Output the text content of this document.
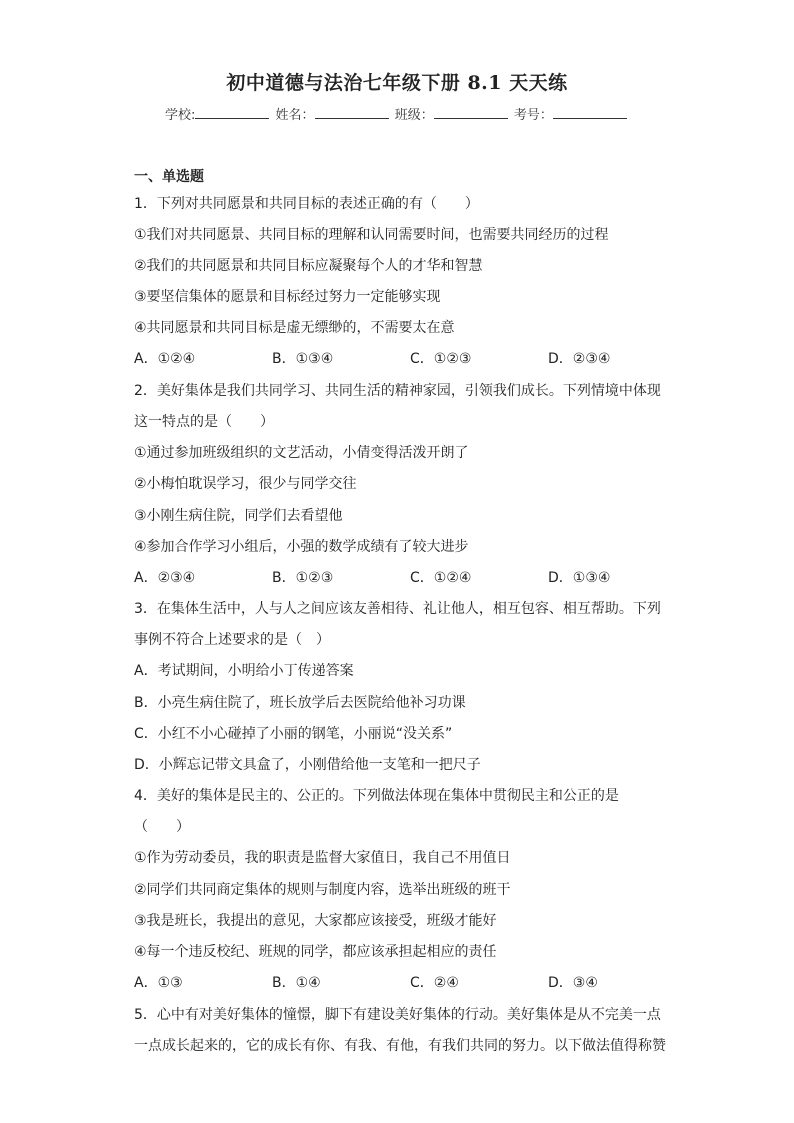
初中道德与法治七年级下册 8.1 天天练
学校:	姓名：	班级：	考号：
一、单选题
1．下列对共同愿景和共同目标的表述正确的有（　　）
①我们对共同愿景、共同目标的理解和认同需要时间，也需要共同经历的过程
②我们的共同愿景和共同目标应凝聚每个人的才华和智慧
③要坚信集体的愿景和目标经过努力一定能够实现
④共同愿景和共同目标是虚无缥缈的，不需要太在意
A．①②④	B．①③④	C．①②③	D．②③④
2．美好集体是我们共同学习、共同生活的精神家园，引领我们成长。下列情境中体现
这一特点的是（　　）
①通过参加班级组织的文艺活动，小倩变得活泼开朗了
②小梅怕耽误学习，很少与同学交往
③小刚生病住院，同学们去看望他
④参加合作学习小组后，小强的数学成绩有了较大进步
A．②③④	B．①②③	C．①②④	D．①③④
3．在集体生活中，人与人之间应该友善相待、礼让他人，相互包容、相互帮助。下列
事例不符合上述要求的是（　）
A．考试期间，小明给小丁传递答案
B．小亮生病住院了，班长放学后去医院给他补习功课
C．小红不小心碰掉了小丽的钢笔，小丽说“没关系”
D．小辉忘记带文具盒了，小刚借给他一支笔和一把尺子
4．美好的集体是民主的、公正的。下列做法体现在集体中贯彻民主和公正的是
（　　）
①作为劳动委员，我的职责是监督大家值日，我自己不用值日
②同学们共同商定集体的规则与制度内容，选举出班级的班干
③我是班长，我提出的意见，大家都应该接受，班级才能好
④每一个违反校纪、班规的同学，都应该承担起相应的责任
A．①③	B．①④	C．②④	D．③④
5．心中有对美好集体的憧憬，脚下有建设美好集体的行动。美好集体是从不完美一点
一点成长起来的，它的成长有你、有我、有他，有我们共同的努力。以下做法值得称赞
